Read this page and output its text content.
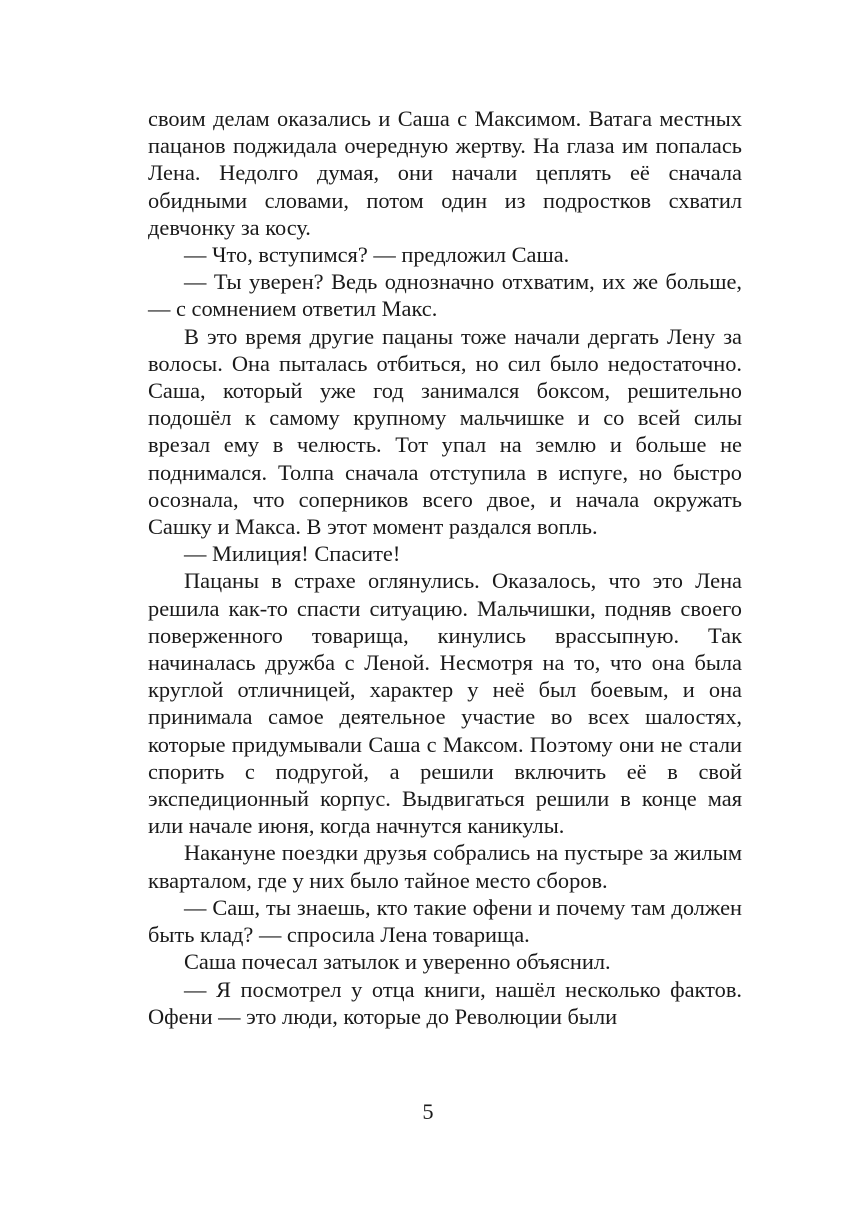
своим делам оказались и Саша с Максимом. Ватага местных пацанов поджидала очередную жертву. На глаза им попалась Лена. Недолго думая, они начали цеплять её сначала обидными словами, потом один из подростков схватил девчонку за косу.

— Что, вступимся? — предложил Саша.

— Ты уверен? Ведь однозначно отхватим, их же больше, — с сомнением ответил Макс.

В это время другие пацаны тоже начали дергать Лену за волосы. Она пыталась отбиться, но сил было недостаточно. Саша, который уже год занимался боксом, решительно подошёл к самому крупному мальчишке и со всей силы врезал ему в челюсть. Тот упал на землю и больше не поднимался. Толпа сначала отступила в испуге, но быстро осознала, что соперников всего двое, и начала окружать Сашку и Макса. В этот момент раздался вопль.

— Милиция! Спасите!

Пацаны в страхе оглянулись. Оказалось, что это Лена решила как-то спасти ситуацию. Мальчишки, подняв своего поверженного товарища, кинулись врассыпную. Так начиналась дружба с Леной. Несмотря на то, что она была круглой отличницей, характер у неё был боевым, и она принимала самое деятельное участие во всех шалостях, которые придумывали Саша с Максом. Поэтому они не стали спорить с подругой, а решили включить её в свой экспедиционный корпус. Выдвигаться решили в конце мая или начале июня, когда начнутся каникулы.

Накануне поездки друзья собрались на пустыре за жилым кварталом, где у них было тайное место сборов.

— Саш, ты знаешь, кто такие офени и почему там должен быть клад? — спросила Лена товарища.

Саша почесал затылок и уверенно объяснил.

— Я посмотрел у отца книги, нашёл несколько фактов. Офени — это люди, которые до Революции были

5
